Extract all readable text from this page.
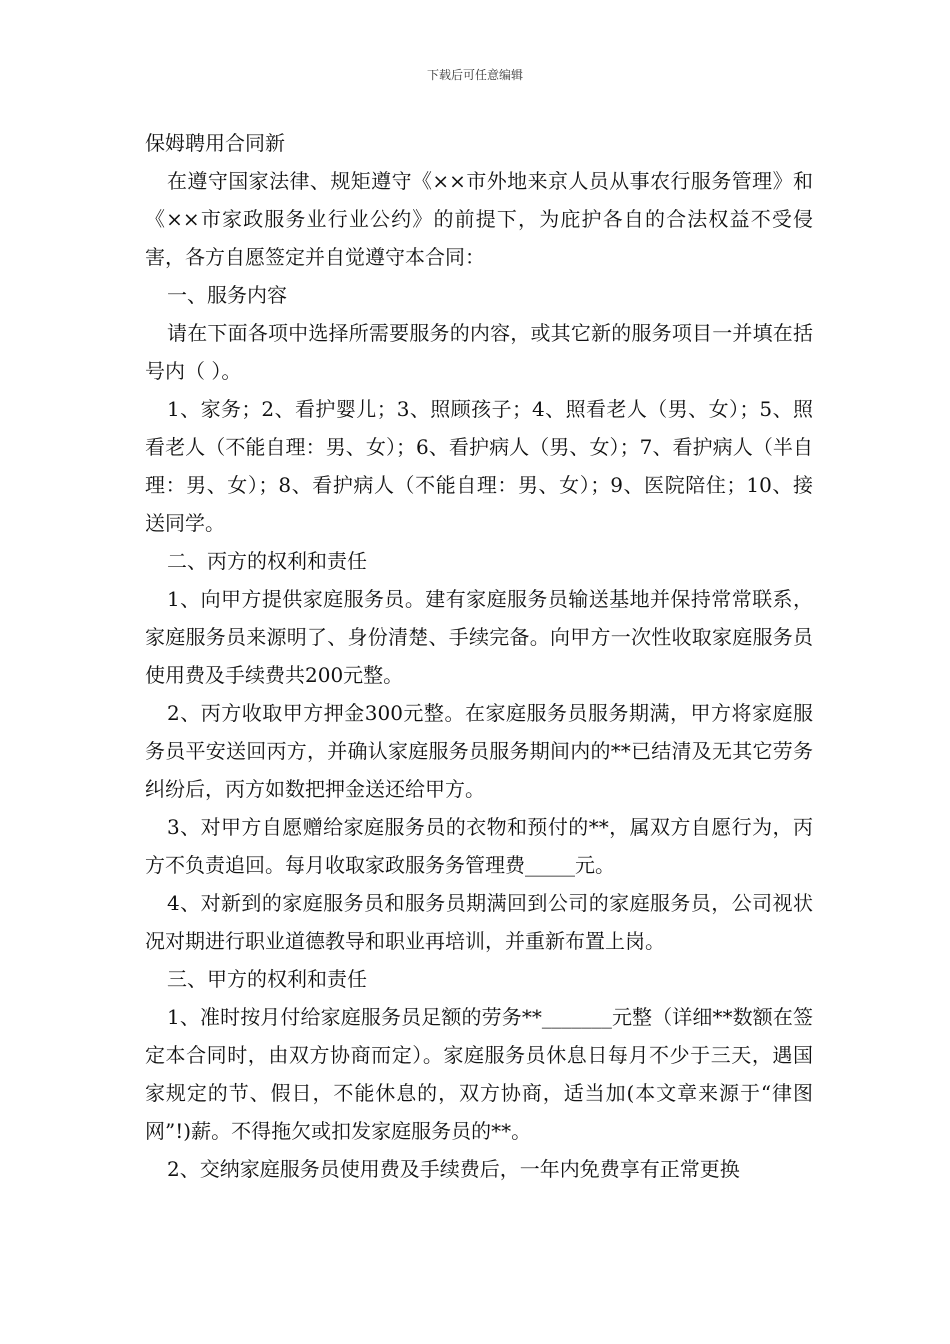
下载后可任意编辑

保姆聘用合同新

在遵守国家法律、规矩遵守《××市外地来京人员从事农行服务管理》和《××市家政服务业行业公约》的前提下，为庇护各自的合法权益不受侵害，各方自愿签定并自觉遵守本合同：

一、服务内容

请在下面各项中选择所需要服务的内容，或其它新的服务项目一并填在括号内（ ）。

1、家务；2、看护婴儿；3、照顾孩子；4、照看老人（男、女）；5、照看老人（不能自理：男、女）；6、看护病人（男、女）；7、看护病人（半自理：男、女）；8、看护病人（不能自理：男、女）；9、医院陪住；10、接送同学。

二、丙方的权利和责任

1、向甲方提供家庭服务员。建有家庭服务员输送基地并保持常常联系，家庭服务员来源明了、身份清楚、手续完备。向甲方一次性收取家庭服务员使用费及手续费共200元整。

2、丙方收取甲方押金300元整。在家庭服务员服务期满，甲方将家庭服务员平安送回丙方，并确认家庭服务员服务期间内的**已结清及无其它劳务纠纷后，丙方如数把押金送还给甲方。

3、对甲方自愿赠给家庭服务员的衣物和预付的**，属双方自愿行为，丙方不负责追回。每月收取家政服务务管理费_____元。

4、对新到的家庭服务员和服务员期满回到公司的家庭服务员，公司视状况对期进行职业道德教导和职业再培训，并重新布置上岗。

三、甲方的权利和责任

1、准时按月付给家庭服务员足额的劳务**_______元整（详细**数额在签定本合同时，由双方协商而定）。家庭服务员休息日每月不少于三天，遇国家规定的节、假日，不能休息的，双方协商，适当加(本文章来源于“律图网”!)薪。不得拖欠或扣发家庭服务员的**。

2、交纳家庭服务员使用费及手续费后，一年内免费享有正常更换
